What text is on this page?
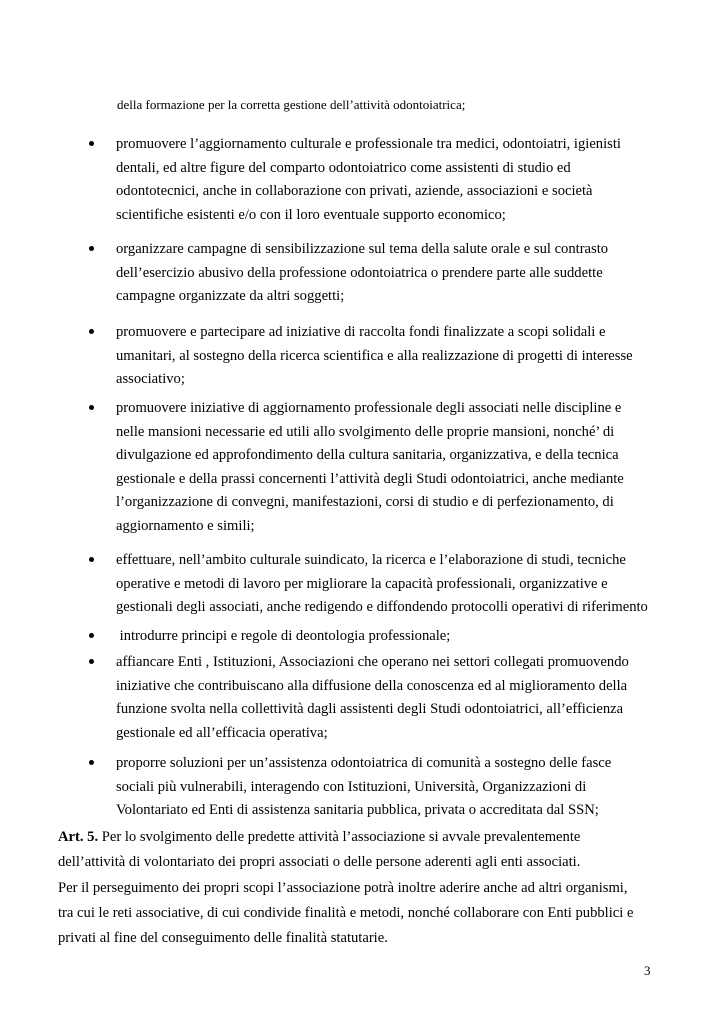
della formazione per la corretta gestione dell’attività odontoiatrica;
promuovere l’aggiornamento culturale e professionale tra medici, odontoiatri, igienisti
dentali, ed altre figure del comparto odontoiatrico come assistenti di studio ed
odontotecnici, anche in collaborazione con privati, aziende, associazioni e società
scientifiche esistenti e/o con il loro eventuale supporto economico;
organizzare campagne di sensibilizzazione sul tema della salute orale e sul contrasto
dell’esercizio abusivo della professione odontoiatrica o prendere parte alle suddette
campagne organizzate da altri soggetti;
promuovere e partecipare ad iniziative di raccolta fondi finalizzate a scopi solidali e
umanitari, al sostegno della ricerca scientifica e alla realizzazione di progetti di interesse
associativo;
promuovere iniziative di aggiornamento professionale degli associati nelle discipline e
nelle mansioni necessarie ed utili allo svolgimento delle proprie mansioni, nonché’ di
divulgazione ed approfondimento della cultura sanitaria, organizzativa, e della tecnica
gestionale e della prassi concernenti l’attività degli Studi odontoiatrici, anche mediante
l’organizzazione di convegni, manifestazioni, corsi di studio e di perfezionamento, di
aggiornamento e simili;
effettuare, nell’ambito culturale suindicato, la ricerca e l’elaborazione di studi, tecniche
operative e metodi di lavoro per migliorare la capacità professionali, organizzative e
gestionali degli associati, anche redigendo e diffondendo protocolli operativi di riferimento
introdurre principi e regole di deontologia professionale;
affiancare Enti , Istituzioni, Associazioni che operano nei settori collegati promuovendo
iniziative che contribuiscano alla diffusione della conoscenza ed al miglioramento della
funzione svolta nella collettività dagli assistenti degli Studi odontoiatrici, all’efficienza
gestionale ed all’efficacia operativa;
proporre soluzioni per un’assistenza odontoiatrica di comunità a sostegno delle fasce
sociali più vulnerabili, interagendo con Istituzioni, Università, Organizzazioni di
Volontariato ed Enti di assistenza sanitaria pubblica, privata o accreditata dal SSN;
Art. 5. Per lo svolgimento delle predette attività l’associazione si avvale prevalentemente
dell’attività di volontariato dei propri associati o delle persone aderenti agli enti associati.
Per il perseguimento dei propri scopi l’associazione potrà inoltre aderire anche ad altri organismi,
tra cui le reti associative, di cui condivide finalità e metodi, nonché collaborare con Enti pubblici e
privati al fine del conseguimento delle finalità statutarie.
3
